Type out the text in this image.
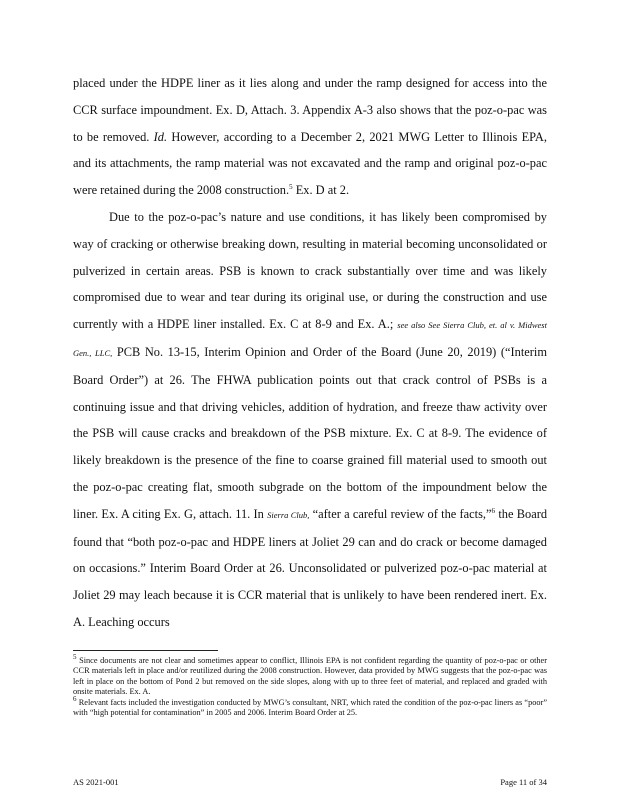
placed under the HDPE liner as it lies along and under the ramp designed for access into the CCR surface impoundment. Ex. D, Attach. 3. Appendix A-3 also shows that the poz-o-pac was to be removed. Id. However, according to a December 2, 2021 MWG Letter to Illinois EPA, and its attachments, the ramp material was not excavated and the ramp and original poz-o-pac were retained during the 2008 construction.$^5$ Ex. D at 2.

Due to the poz-o-pac’s nature and use conditions, it has likely been compromised by way of cracking or otherwise breaking down, resulting in material becoming unconsolidated or pulverized in certain areas. PSB is known to crack substantially over time and was likely compromised due to wear and tear during its original use, or during the construction and use currently with a HDPE liner installed. Ex. C at 8-9 and Ex. A.; see also See Sierra Club, et. al v. Midwest Gen., LLC, PCB No. 13-15, Interim Opinion and Order of the Board (June 20, 2019) (“Interim Board Order”) at 26. The FHWA publication points out that crack control of PSBs is a continuing issue and that driving vehicles, addition of hydration, and freeze thaw activity over the PSB will cause cracks and breakdown of the PSB mixture. Ex. C at 8-9. The evidence of likely breakdown is the presence of the fine to coarse grained fill material used to smooth out the poz-o-pac creating flat, smooth subgrade on the bottom of the impoundment below the liner. Ex. A citing Ex. G, attach. 11. In Sierra Club, “after a careful review of the facts,”$^6$ the Board found that “both poz-o-pac and HDPE liners at Joliet 29 can and do crack or become damaged on occasions.” Interim Board Order at 26. Unconsolidated or pulverized poz-o-pac material at Joliet 29 may leach because it is CCR material that is unlikely to have been rendered inert. Ex. A. Leaching occurs

$^5$ Since documents are not clear and sometimes appear to conflict, Illinois EPA is not confident regarding the quantity of poz-o-pac or other CCR materials left in place and/or reutilized during the 2008 construction. However, data provided by MWG suggests that the poz-o-pac was left in place on the bottom of Pond 2 but removed on the side slopes, along with up to three feet of material, and replaced and graded with onsite materials. Ex. A.

$^6$ Relevant facts included the investigation conducted by MWG’s consultant, NRT, which rated the condition of the poz-o-pac liners as “poor” with “high potential for contamination” in 2005 and 2006. Interim Board Order at 25.

AS 2021-001	Page 11 of 34
